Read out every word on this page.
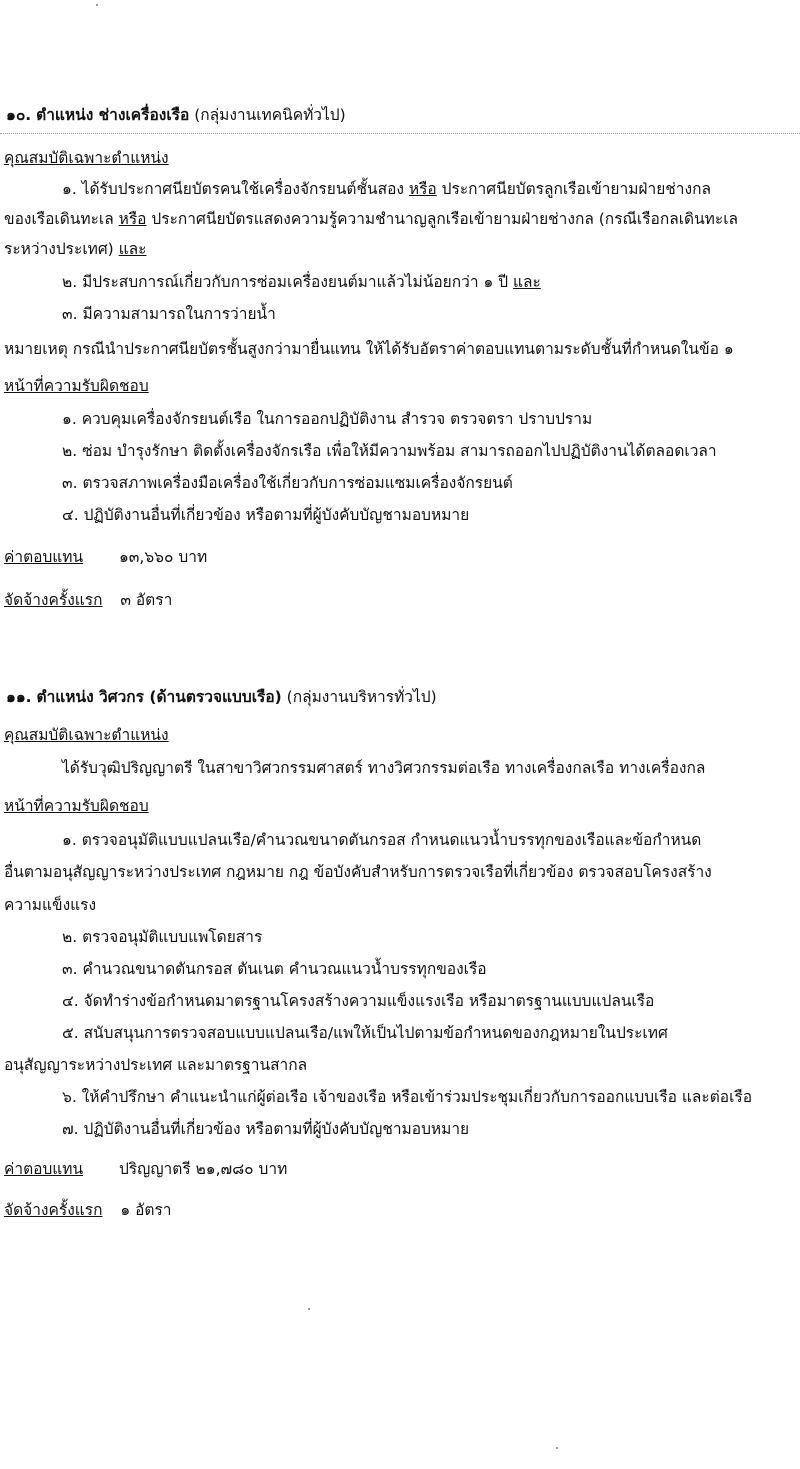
๑๐. ตำแหน่ง ช่างเครื่องเรือ (กลุ่มงานเทคนิคทั่วไป)
คุณสมบัติเฉพาะตำแหน่ง
๑. ได้รับประกาศนียบัตรคนใช้เครื่องจักรยนต์ชั้นสอง หรือ ประกาศนียบัตรลูกเรือเข้ายามฝ่ายช่างกล
ของเรือเดินทะเล หรือ ประกาศนียบัตรแสดงความรู้ความชำนาญลูกเรือเข้ายามฝ่ายช่างกล (กรณีเรือกลเดินทะเล
ระหว่างประเทศ) และ
๒. มีประสบการณ์เกี่ยวกับการซ่อมเครื่องยนต์มาแล้วไม่น้อยกว่า ๑ ปี และ
๓. มีความสามารถในการว่ายน้ำ
หมายเหตุ กรณีนำประกาศนียบัตรชั้นสูงกว่ามายื่นแทน ให้ได้รับอัตราค่าตอบแทนตามระดับชั้นที่กำหนดในข้อ ๑
หน้าที่ความรับผิดชอบ
๑. ควบคุมเครื่องจักรยนต์เรือ ในการออกปฏิบัติงาน สำรวจ ตรวจตรา ปราบปราม
๒. ซ่อม บำรุงรักษา ติดตั้งเครื่องจักรเรือ เพื่อให้มีความพร้อม สามารถออกไปปฏิบัติงานได้ตลอดเวลา
๓. ตรวจสภาพเครื่องมือเครื่องใช้เกี่ยวกับการซ่อมแซมเครื่องจักรยนต์
๔. ปฏิบัติงานอื่นที่เกี่ยวข้อง หรือตามที่ผู้บังคับบัญชามอบหมาย
ค่าตอบแทน ๑๓,๖๖๐ บาท
จัดจ้างครั้งแรก ๓ อัตรา
๑๑. ตำแหน่ง วิศวกร (ด้านตรวจแบบเรือ) (กลุ่มงานบริหารทั่วไป)
คุณสมบัติเฉพาะตำแหน่ง
ได้รับวุฒิปริญญาตรี ในสาขาวิศวกรรมศาสตร์ ทางวิศวกรรมต่อเรือ ทางเครื่องกลเรือ ทางเครื่องกล
หน้าที่ความรับผิดชอบ
๑. ตรวจอนุมัติแบบแปลนเรือ/คำนวณขนาดตันกรอส กำหนดแนวน้ำบรรทุกของเรือและข้อกำหนด
อื่นตามอนุสัญญาระหว่างประเทศ กฎหมาย กฎ ข้อบังคับสำหรับการตรวจเรือที่เกี่ยวข้อง ตรวจสอบโครงสร้าง
ความแข็งแรง
๒. ตรวจอนุมัติแบบแพโดยสาร
๓. คำนวณขนาดตันกรอส ตันเนต คำนวณแนวน้ำบรรทุกของเรือ
๔. จัดทำร่างข้อกำหนดมาตรฐานโครงสร้างความแข็งแรงเรือ หรือมาตรฐานแบบแปลนเรือ
๕. สนับสนุนการตรวจสอบแบบแปลนเรือ/แพให้เป็นไปตามข้อกำหนดของกฎหมายในประเทศ
อนุสัญญาระหว่างประเทศ และมาตรฐานสากล
๖. ให้คำปรึกษา คำแนะนำแก่ผู้ต่อเรือ เจ้าของเรือ หรือเข้าร่วมประชุมเกี่ยวกับการออกแบบเรือ และต่อเรือ
๗. ปฏิบัติงานอื่นที่เกี่ยวข้อง หรือตามที่ผู้บังคับบัญชามอบหมาย
ค่าตอบแทน ปริญญาตรี ๒๑,๗๘๐ บาท
จัดจ้างครั้งแรก ๑ อัตรา
